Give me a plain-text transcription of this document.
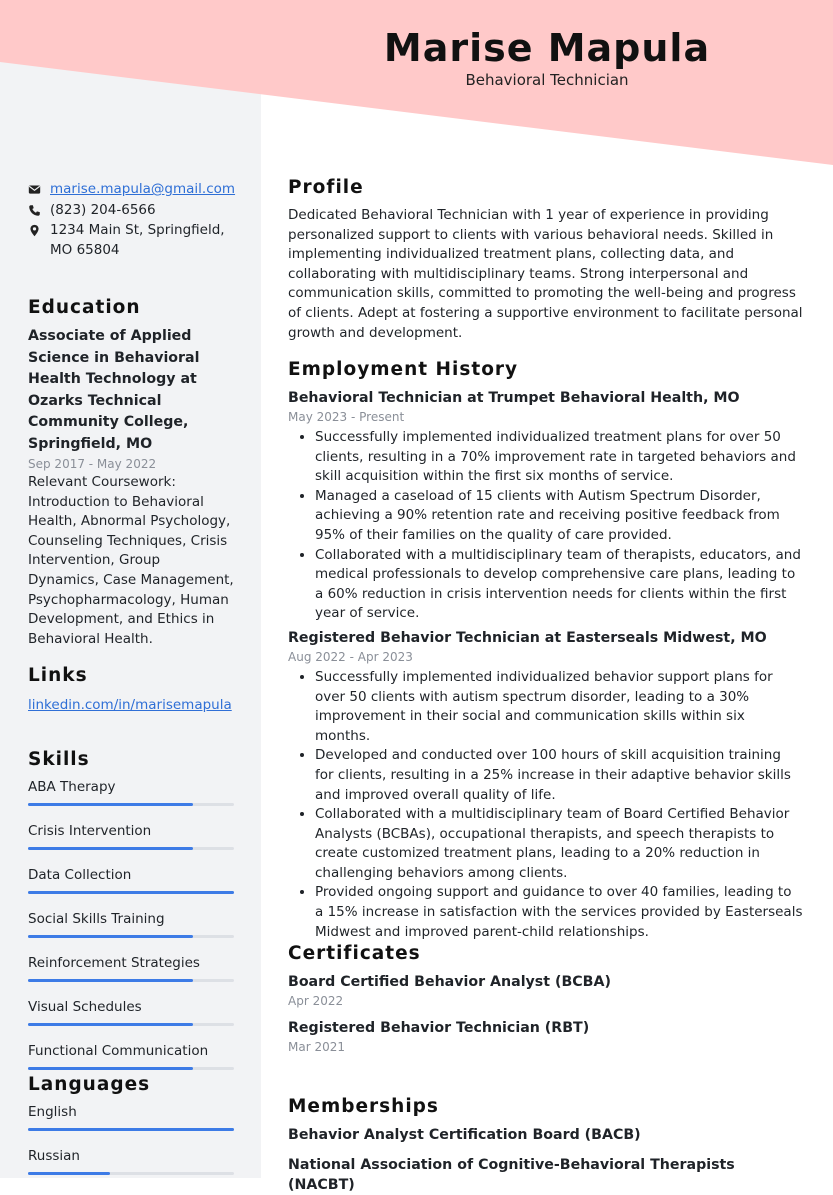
Marise Mapula
Behavioral Technician
marise.mapula@gmail.com
(823) 204-6566
1234 Main St, Springfield, MO 65804
Education
Associate of Applied Science in Behavioral Health Technology at Ozarks Technical Community College, Springfield, MO
Sep 2017 - May 2022
Relevant Coursework: Introduction to Behavioral Health, Abnormal Psychology, Counseling Techniques, Crisis Intervention, Group Dynamics, Case Management, Psychopharmacology, Human Development, and Ethics in Behavioral Health.
Links
linkedin.com/in/marisemapula
Skills
ABA Therapy
Crisis Intervention
Data Collection
Social Skills Training
Reinforcement Strategies
Visual Schedules
Functional Communication
Languages
English
Russian
Profile
Dedicated Behavioral Technician with 1 year of experience in providing personalized support to clients with various behavioral needs. Skilled in implementing individualized treatment plans, collecting data, and collaborating with multidisciplinary teams. Strong interpersonal and communication skills, committed to promoting the well-being and progress of clients. Adept at fostering a supportive environment to facilitate personal growth and development.
Employment History
Behavioral Technician at Trumpet Behavioral Health, MO
May 2023 - Present
• Successfully implemented individualized treatment plans for over 50 clients, resulting in a 70% improvement rate in targeted behaviors and skill acquisition within the first six months of service.
• Managed a caseload of 15 clients with Autism Spectrum Disorder, achieving a 90% retention rate and receiving positive feedback from 95% of their families on the quality of care provided.
• Collaborated with a multidisciplinary team of therapists, educators, and medical professionals to develop comprehensive care plans, leading to a 60% reduction in crisis intervention needs for clients within the first year of service.
Registered Behavior Technician at Easterseals Midwest, MO
Aug 2022 - Apr 2023
• Successfully implemented individualized behavior support plans for over 50 clients with autism spectrum disorder, leading to a 30% improvement in their social and communication skills within six months.
• Developed and conducted over 100 hours of skill acquisition training for clients, resulting in a 25% increase in their adaptive behavior skills and improved overall quality of life.
• Collaborated with a multidisciplinary team of Board Certified Behavior Analysts (BCBAs), occupational therapists, and speech therapists to create customized treatment plans, leading to a 20% reduction in challenging behaviors among clients.
• Provided ongoing support and guidance to over 40 families, leading to a 15% increase in satisfaction with the services provided by Easterseals Midwest and improved parent-child relationships.
Certificates
Board Certified Behavior Analyst (BCBA)
Apr 2022
Registered Behavior Technician (RBT)
Mar 2021
Memberships
Behavior Analyst Certification Board (BACB)
National Association of Cognitive-Behavioral Therapists (NACBT)
